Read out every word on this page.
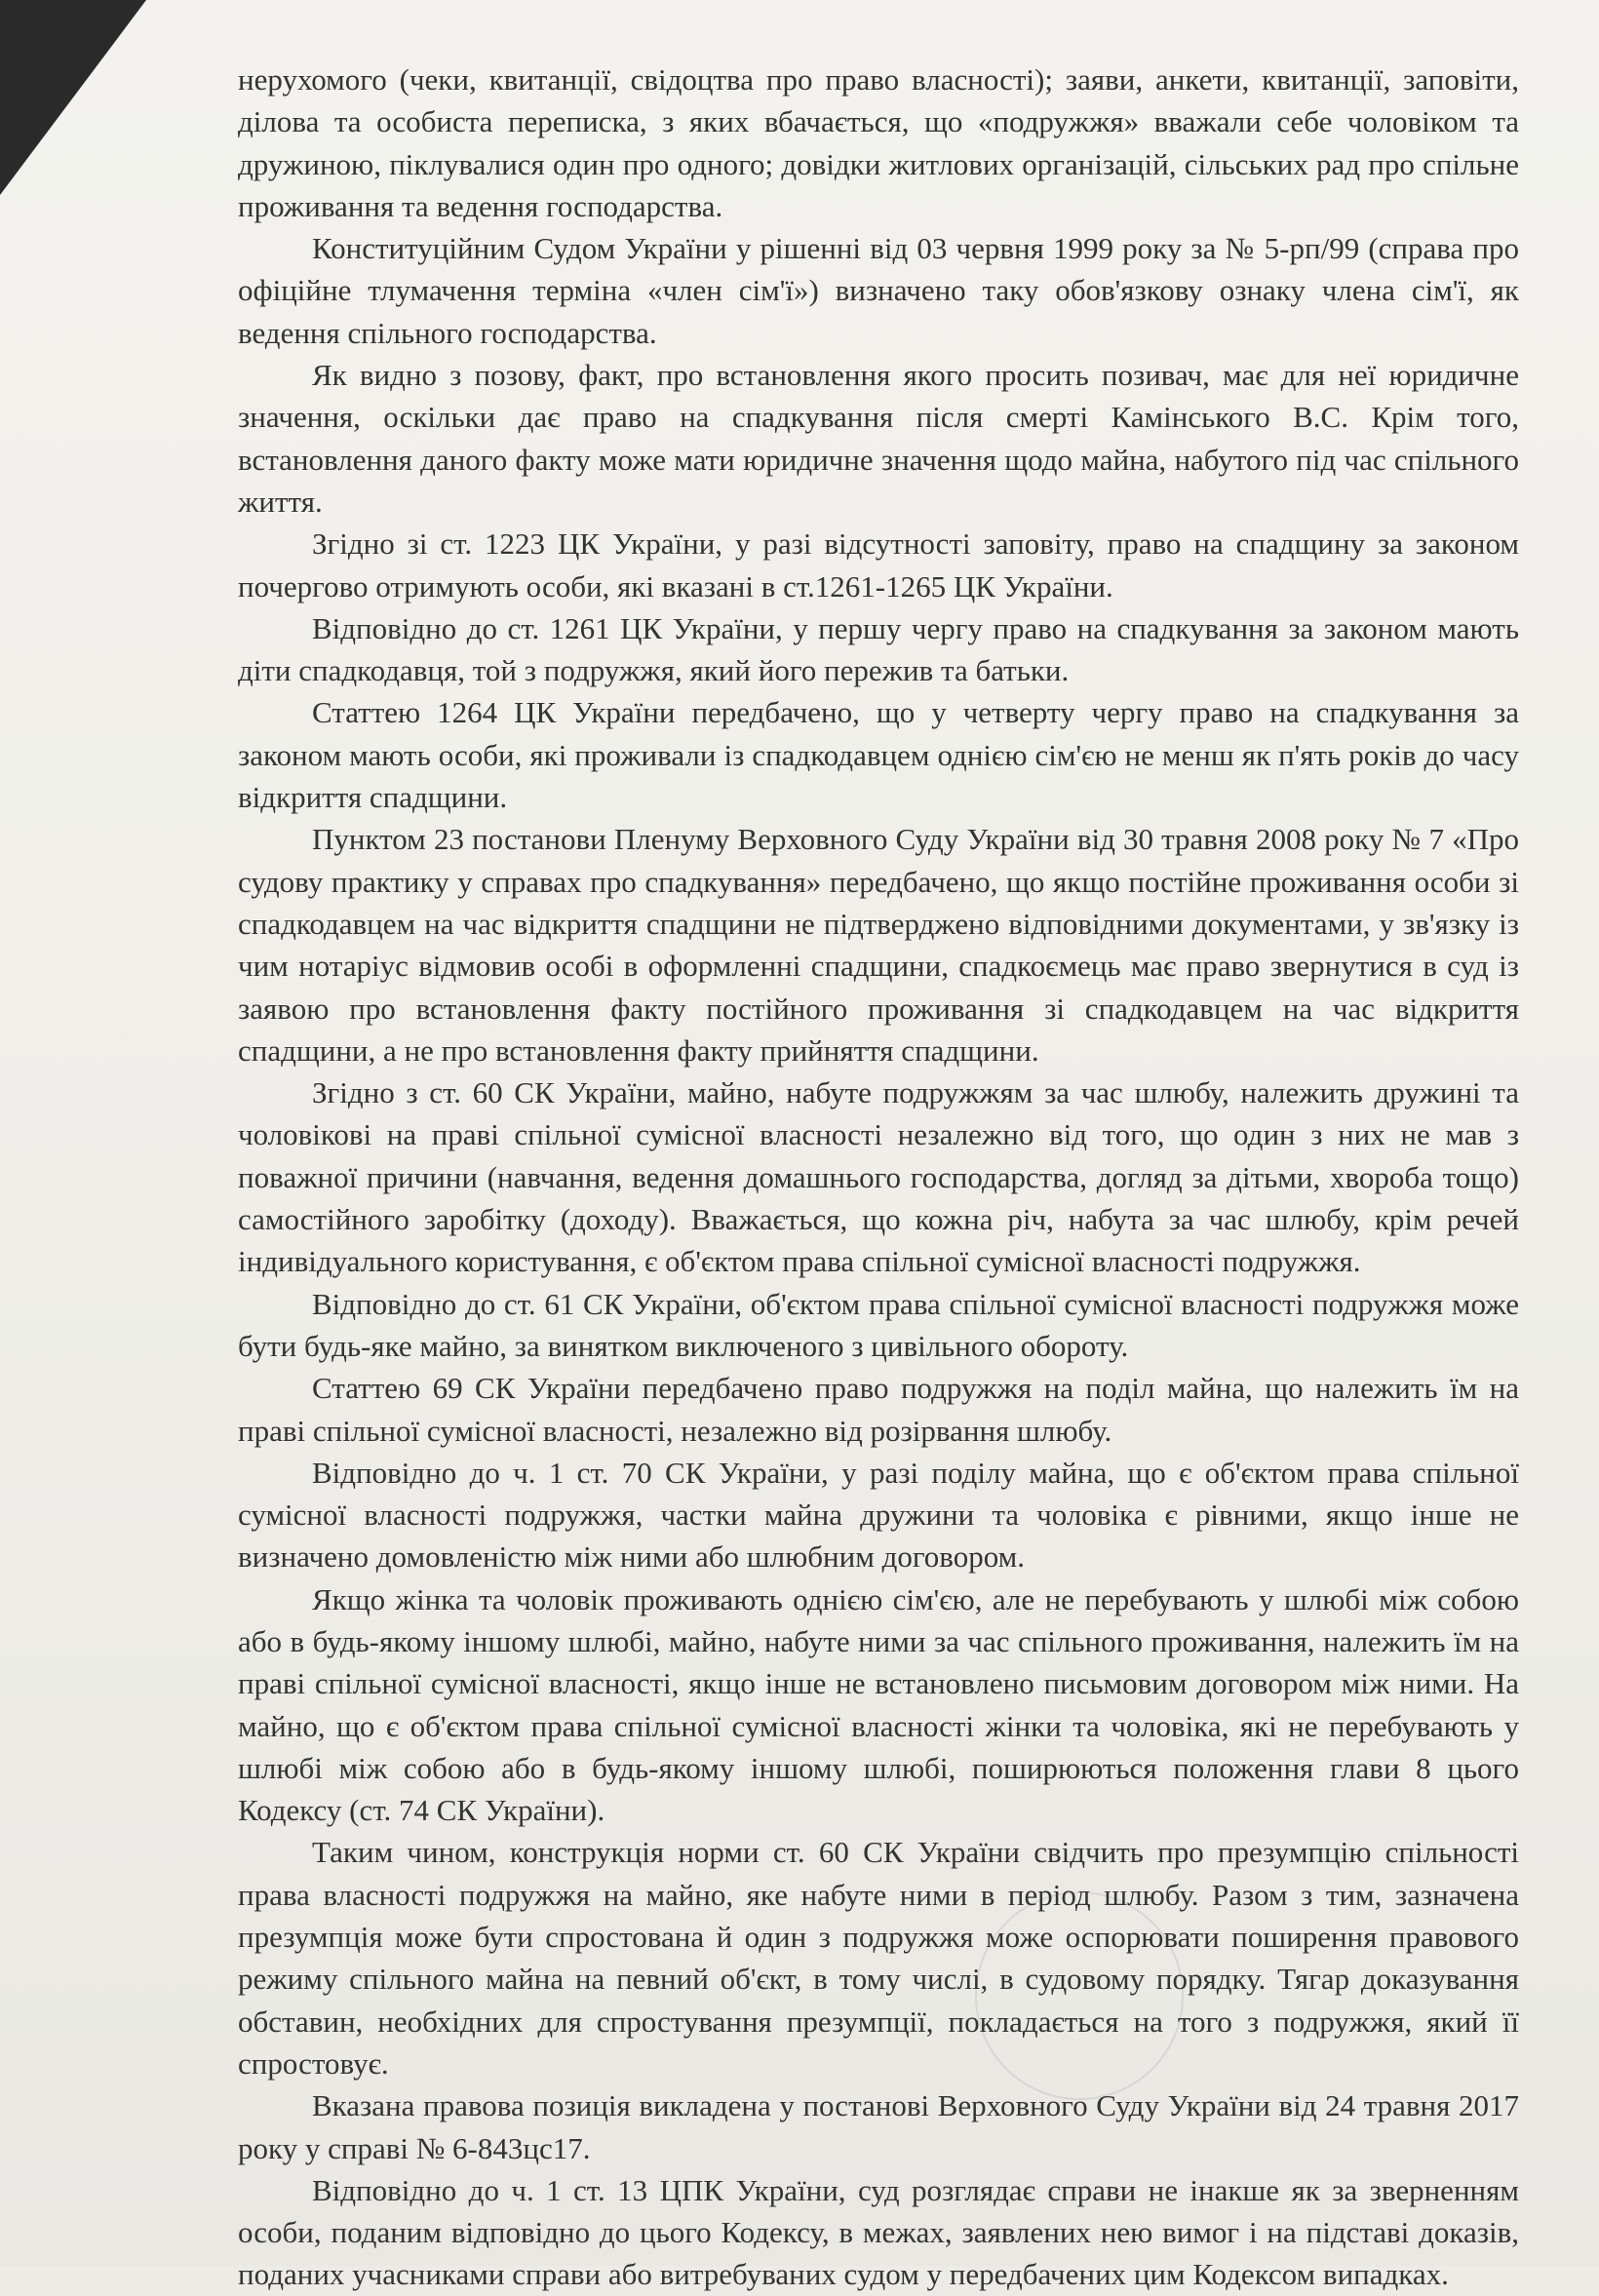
нерухомого (чеки, квитанції, свідоцтва про право власності); заяви, анкети, квитанції, заповіти, ділова та особиста переписка, з яких вбачається, що «подружжя» вважали себе чоловіком та дружиною, піклувалися один про одного; довідки житлових організацій, сільських рад про спільне проживання та ведення господарства.

Конституційним Судом України у рішенні від 03 червня 1999 року за № 5-рп/99 (справа про офіційне тлумачення терміна «член сім'ї») визначено таку обов'язкову ознаку члена сім'ї, як ведення спільного господарства.

Як видно з позову, факт, про встановлення якого просить позивач, має для неї юридичне значення, оскільки дає право на спадкування після смерті Камінського В.С. Крім того, встановлення даного факту може мати юридичне значення щодо майна, набутого під час спільного життя.

Згідно зі ст. 1223 ЦК України, у разі відсутності заповіту, право на спадщину за законом почергово отримують особи, які вказані в ст.1261-1265 ЦК України.

Відповідно до ст. 1261 ЦК України, у першу чергу право на спадкування за законом мають діти спадкодавця, той з подружжя, який його пережив та батьки.

Статтею 1264 ЦК України передбачено, що у четверту чергу право на спадкування за законом мають особи, які проживали із спадкодавцем однією сім'єю не менш як п'ять років до часу відкриття спадщини.

Пунктом 23 постанови Пленуму Верховного Суду України від 30 травня 2008 року № 7 «Про судову практику у справах про спадкування» передбачено, що якщо постійне проживання особи зі спадкодавцем на час відкриття спадщини не підтверджено відповідними документами, у зв'язку із чим нотаріус відмовив особі в оформленні спадщини, спадкоємець має право звернутися в суд із заявою про встановлення факту постійного проживання зі спадкодавцем на час відкриття спадщини, а не про встановлення факту прийняття спадщини.

Згідно з ст. 60 СК України, майно, набуте подружжям за час шлюбу, належить дружині та чоловікові на праві спільної сумісної власності незалежно від того, що один з них не мав з поважної причини (навчання, ведення домашнього господарства, догляд за дітьми, хвороба тощо) самостійного заробітку (доходу). Вважається, що кожна річ, набута за час шлюбу, крім речей індивідуального користування, є об'єктом права спільної сумісної власності подружжя.

Відповідно до ст. 61 СК України, об'єктом права спільної сумісної власності подружжя може бути будь-яке майно, за винятком виключеного з цивільного обороту.

Статтею 69 СК України передбачено право подружжя на поділ майна, що належить їм на праві спільної сумісної власності, незалежно від розірвання шлюбу.

Відповідно до ч. 1 ст. 70 СК України, у разі поділу майна, що є об'єктом права спільної сумісної власності подружжя, частки майна дружини та чоловіка є рівними, якщо інше не визначено домовленістю між ними або шлюбним договором.

Якщо жінка та чоловік проживають однією сім'єю, але не перебувають у шлюбі між собою або в будь-якому іншому шлюбі, майно, набуте ними за час спільного проживання, належить їм на праві спільної сумісної власності, якщо інше не встановлено письмовим договором між ними. На майно, що є об'єктом права спільної сумісної власності жінки та чоловіка, які не перебувають у шлюбі між собою або в будь-якому іншому шлюбі, поширюються положення глави 8 цього Кодексу (ст. 74 СК України).

Таким чином, конструкція норми ст. 60 СК України свідчить про презумпцію спільності права власності подружжя на майно, яке набуте ними в період шлюбу. Разом з тим, зазначена презумпція може бути спростована й один з подружжя може оспорювати поширення правового режиму спільного майна на певний об'єкт, в тому числі, в судовому порядку. Тягар доказування обставин, необхідних для спростування презумпції, покладається на того з подружжя, який її спростовує.

Вказана правова позиція викладена у постанові Верховного Суду України від 24 травня 2017 року у справі № 6-843цс17.

Відповідно до ч. 1 ст. 13 ЦПК України, суд розглядає справи не інакше як за зверненням особи, поданим відповідно до цього Кодексу, в межах, заявлених нею вимог і на підставі доказів, поданих учасниками справи або витребуваних судом у передбачених цим Кодексом випадках.
